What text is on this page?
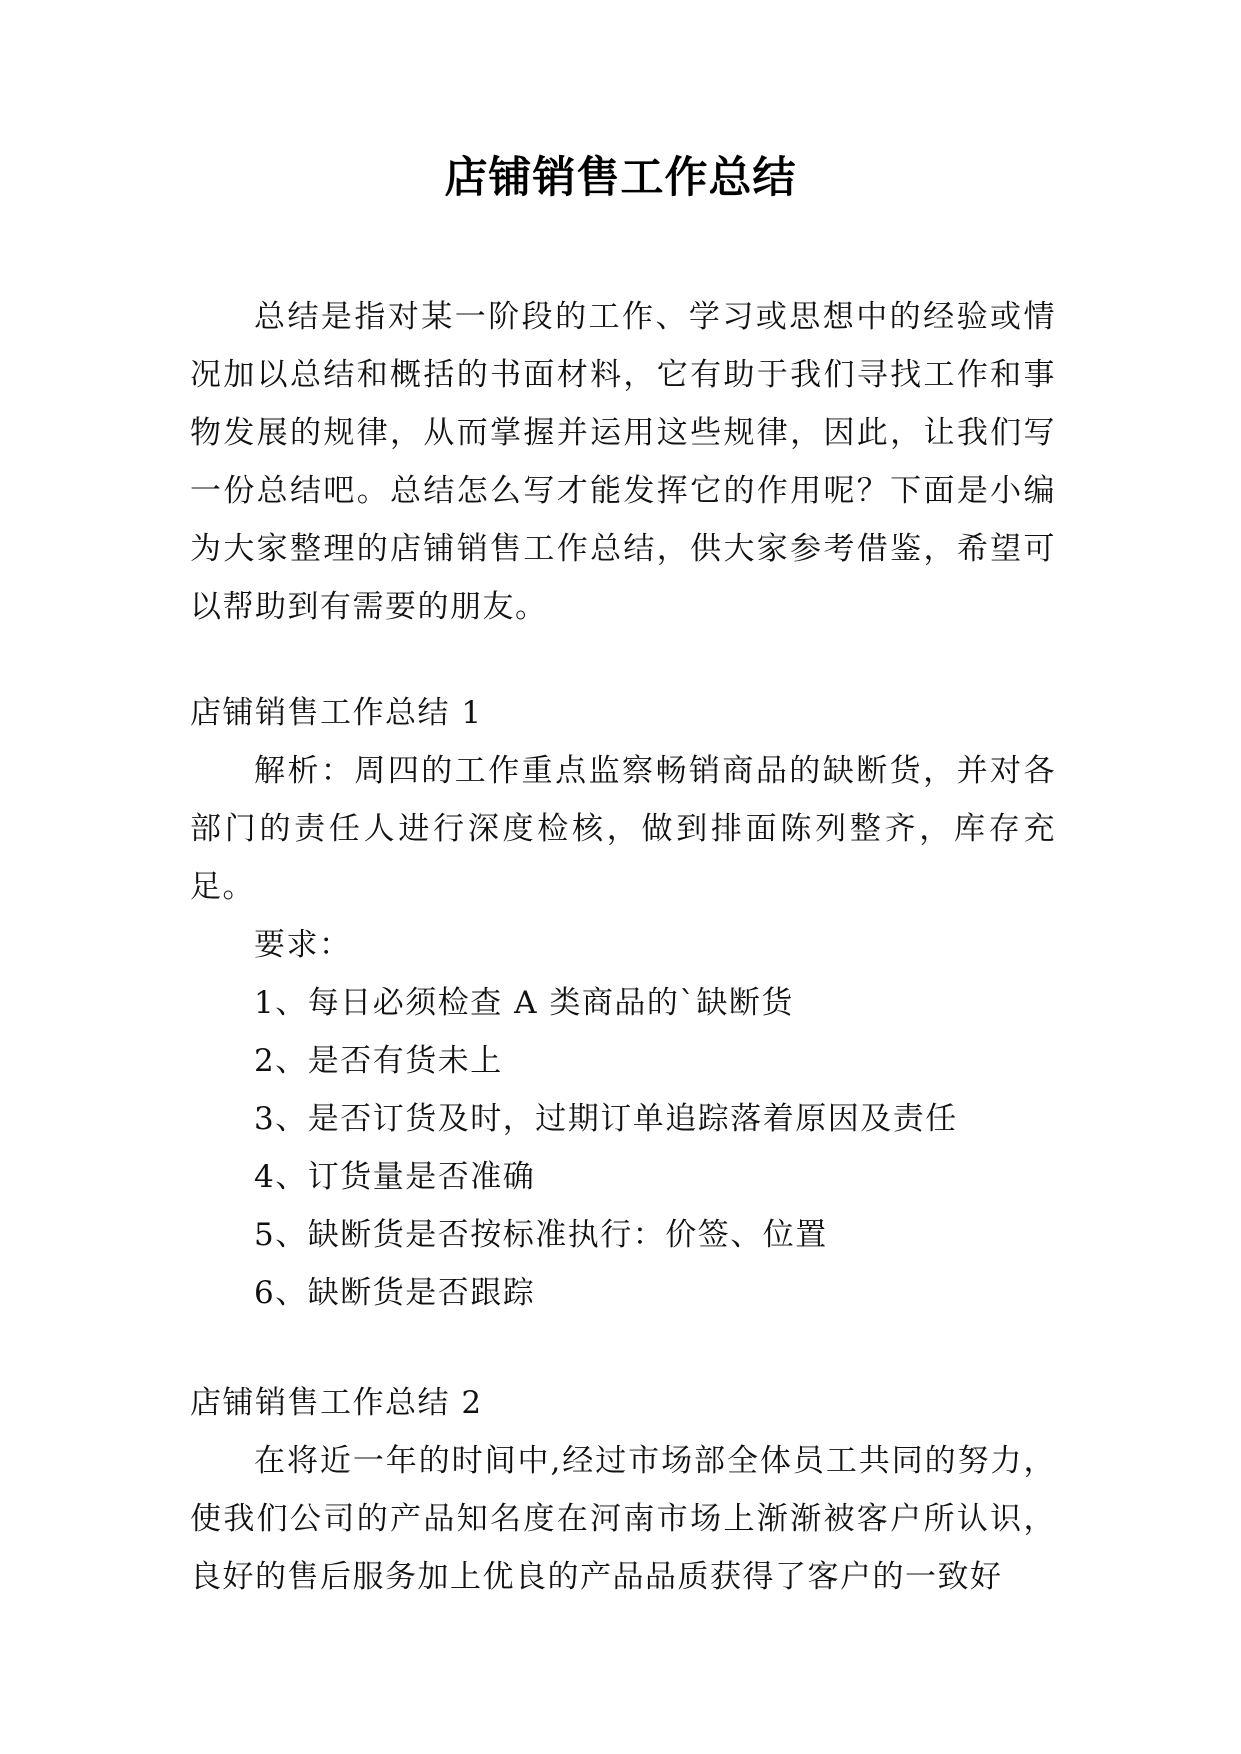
店铺销售工作总结

总结是指对某一阶段的工作、学习或思想中的经验或情况加以总结和概括的书面材料，它有助于我们寻找工作和事物发展的规律，从而掌握并运用这些规律，因此，让我们写一份总结吧。总结怎么写才能发挥它的作用呢？下面是小编为大家整理的店铺销售工作总结，供大家参考借鉴，希望可以帮助到有需要的朋友。

店铺销售工作总结 1

解析：周四的工作重点监察畅销商品的缺断货，并对各部门的责任人进行深度检核，做到排面陈列整齐，库存充足。

要求：

1、每日必须检查 A 类商品的`缺断货

2、是否有货未上

3、是否订货及时，过期订单追踪落着原因及责任

4、订货量是否准确

5、缺断货是否按标准执行：价签、位置

6、缺断货是否跟踪

店铺销售工作总结 2

在将近一年的时间中,经过市场部全体员工共同的努力，使我们公司的产品知名度在河南市场上渐渐被客户所认识，良好的售后服务加上优良的产品品质获得了客户的一致好
